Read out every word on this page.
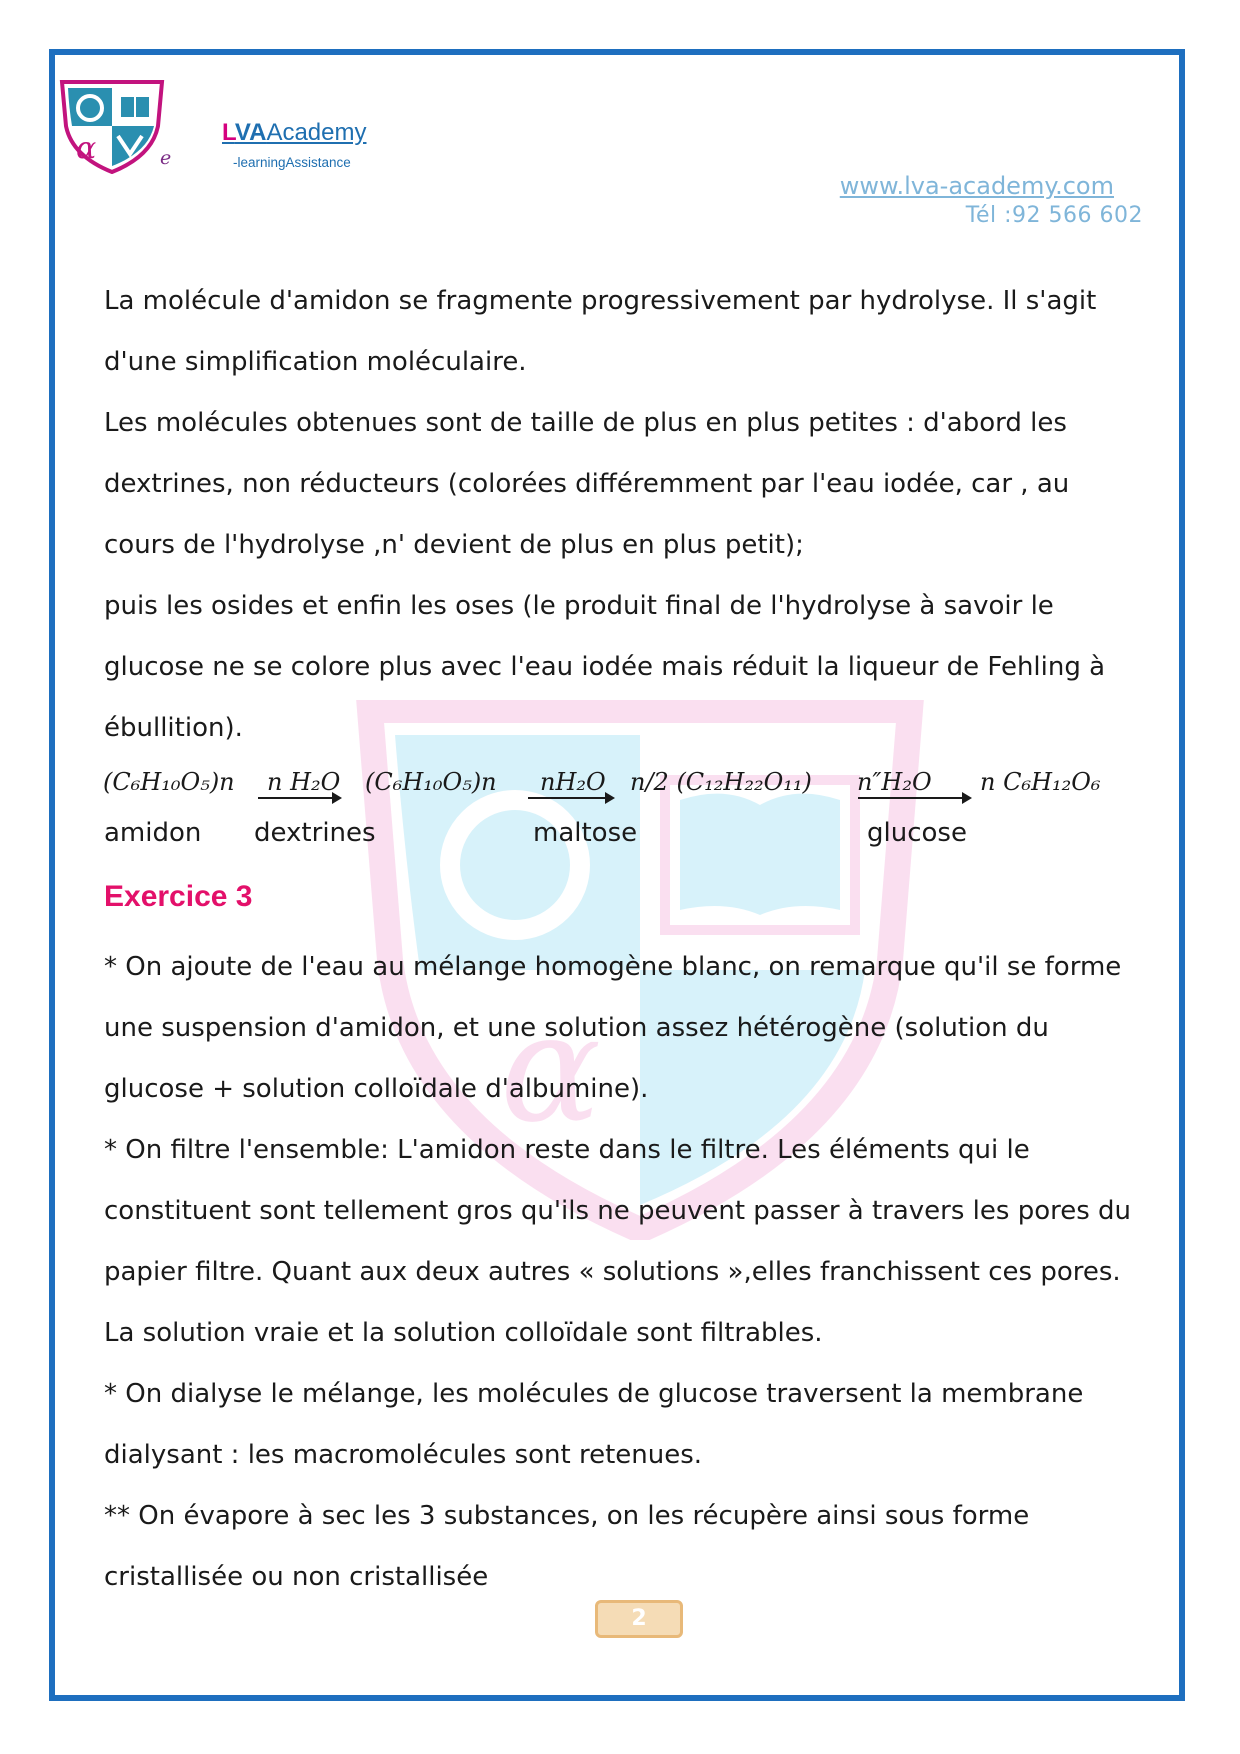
α
α	e
LVAAcademy
-learningAssistance
www.lva-academy.com
Tél :92 566 602

La molécule d'amidon se fragmente progressivement par hydrolyse. Il s'agit

d'une simplification moléculaire.

Les molécules obtenues sont de taille de plus en plus petites : d'abord les

dextrines, non réducteurs (colorées différemment par l'eau iodée, car , au

cours de l'hydrolyse ,n' devient de plus en plus petit);

puis les osides et enfin les oses (le produit final de l'hydrolyse à savoir le

glucose ne se colore plus avec l'eau iodée mais réduit la liqueur de Fehling à

ébullition).

(C₆H₁₀O₅)n n H₂O (C₆H₁₀O₅)n nH₂O n/2 (C₁₂H₂₂O₁₁) n″H₂O n C₆H₁₂O₆
amidon dextrines	maltose	glucose
Exercice 3

* On ajoute de l'eau au mélange homogène blanc, on remarque qu'il se forme

une suspension d'amidon, et une solution assez hétérogène (solution du

glucose + solution colloïdale d'albumine).

* On filtre l'ensemble: L'amidon reste dans le filtre. Les éléments qui le

constituent sont tellement gros qu'ils ne peuvent passer à travers les pores du

papier filtre. Quant aux deux autres « solutions »,elles franchissent ces pores.

La solution vraie et la solution colloïdale sont filtrables.

* On dialyse le mélange, les molécules de glucose traversent la membrane

dialysant : les macromolécules sont retenues.

** On évapore à sec les 3 substances, on les récupère ainsi sous forme

cristallisée ou non cristallisée

2
